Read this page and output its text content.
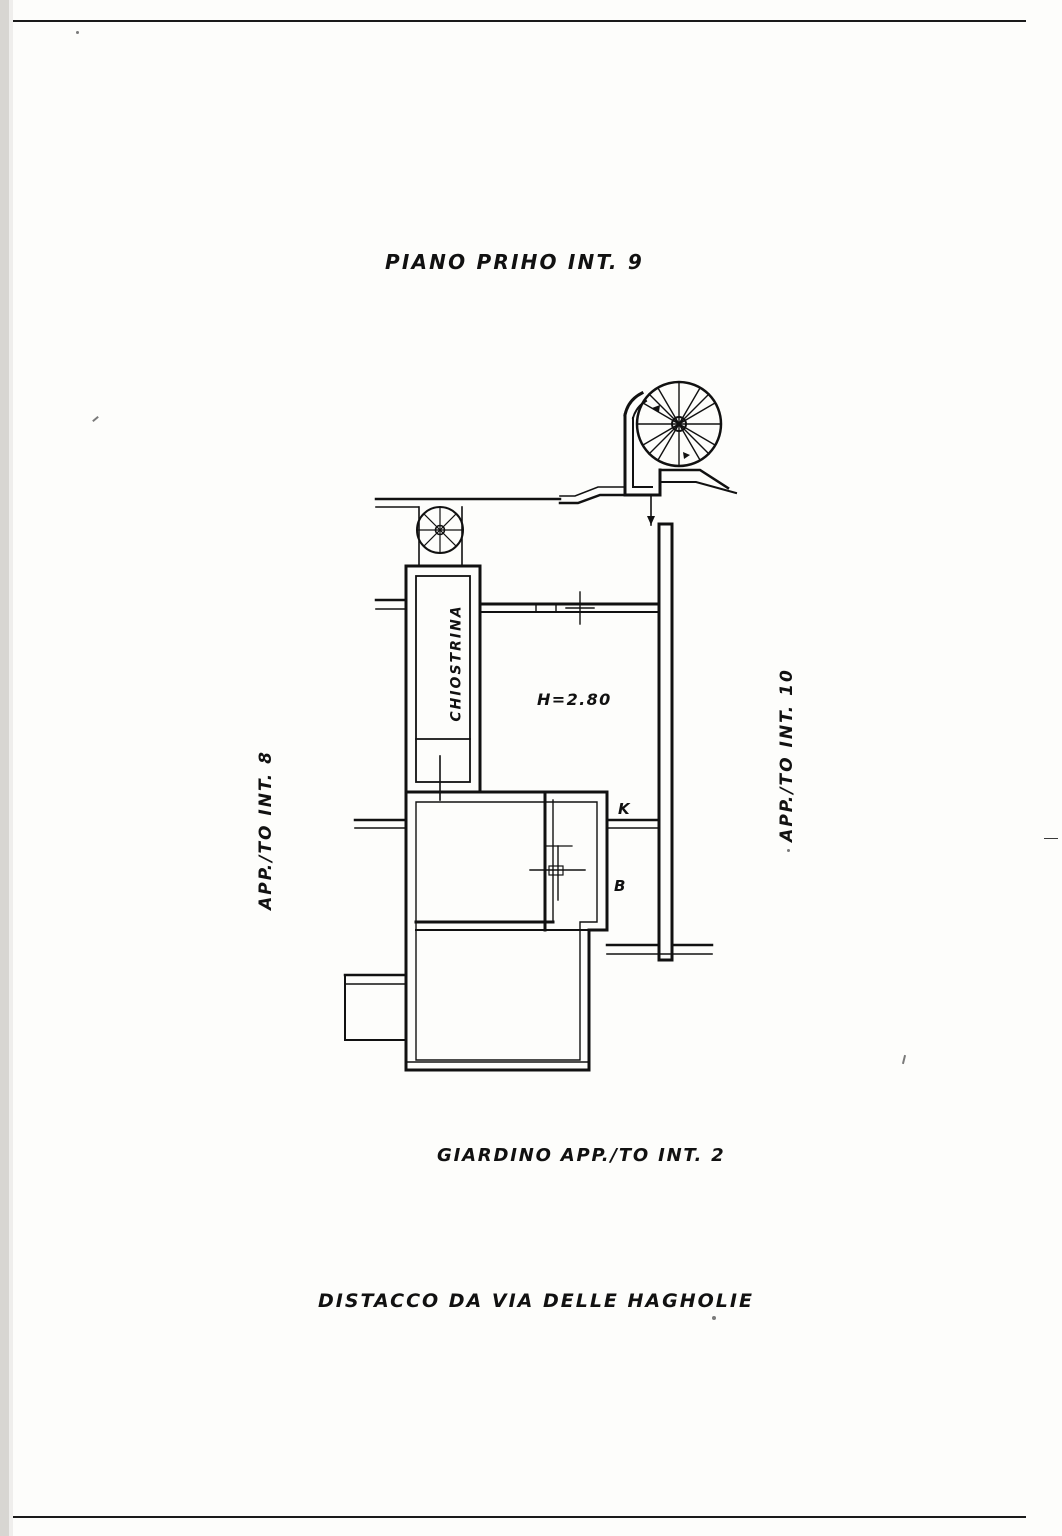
PIANO PRIHO INT. 9
H=2.80
K
B
CHIOSTRINA
GIARDINO APP./TO INT. 2
DISTACCO DA VIA DELLE HAGHOLIE
APP./TO INT. 8	APP./TO INT. 10
